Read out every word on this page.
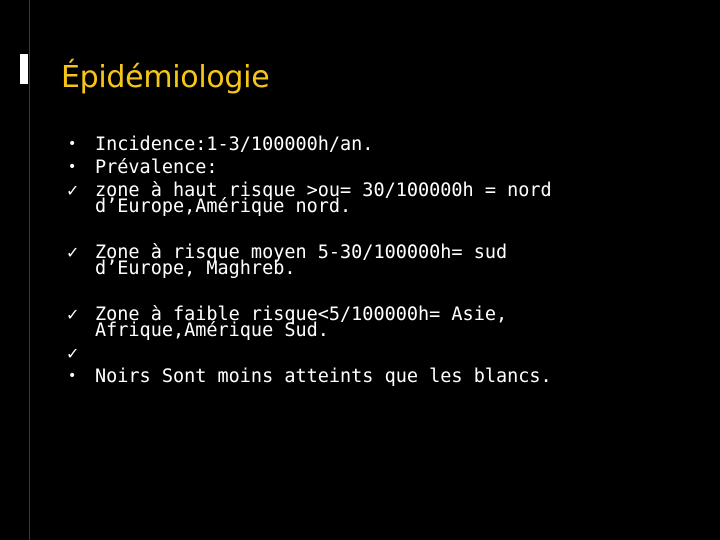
Épidémiologie
•	Incidence:1-3/100000h/an.
•	Prévalence:
✓ zone à haut risque >ou= 30/100000h = nord
d’Europe,Amérique nord.
✓ Zone à risque moyen 5-30/100000h= sud
d’Europe, Maghreb.
✓ Zone à faible risque<5/100000h= Asie,
Afrique,Amérique Sud.
✓

•	Noirs Sont moins atteints que les blancs.
